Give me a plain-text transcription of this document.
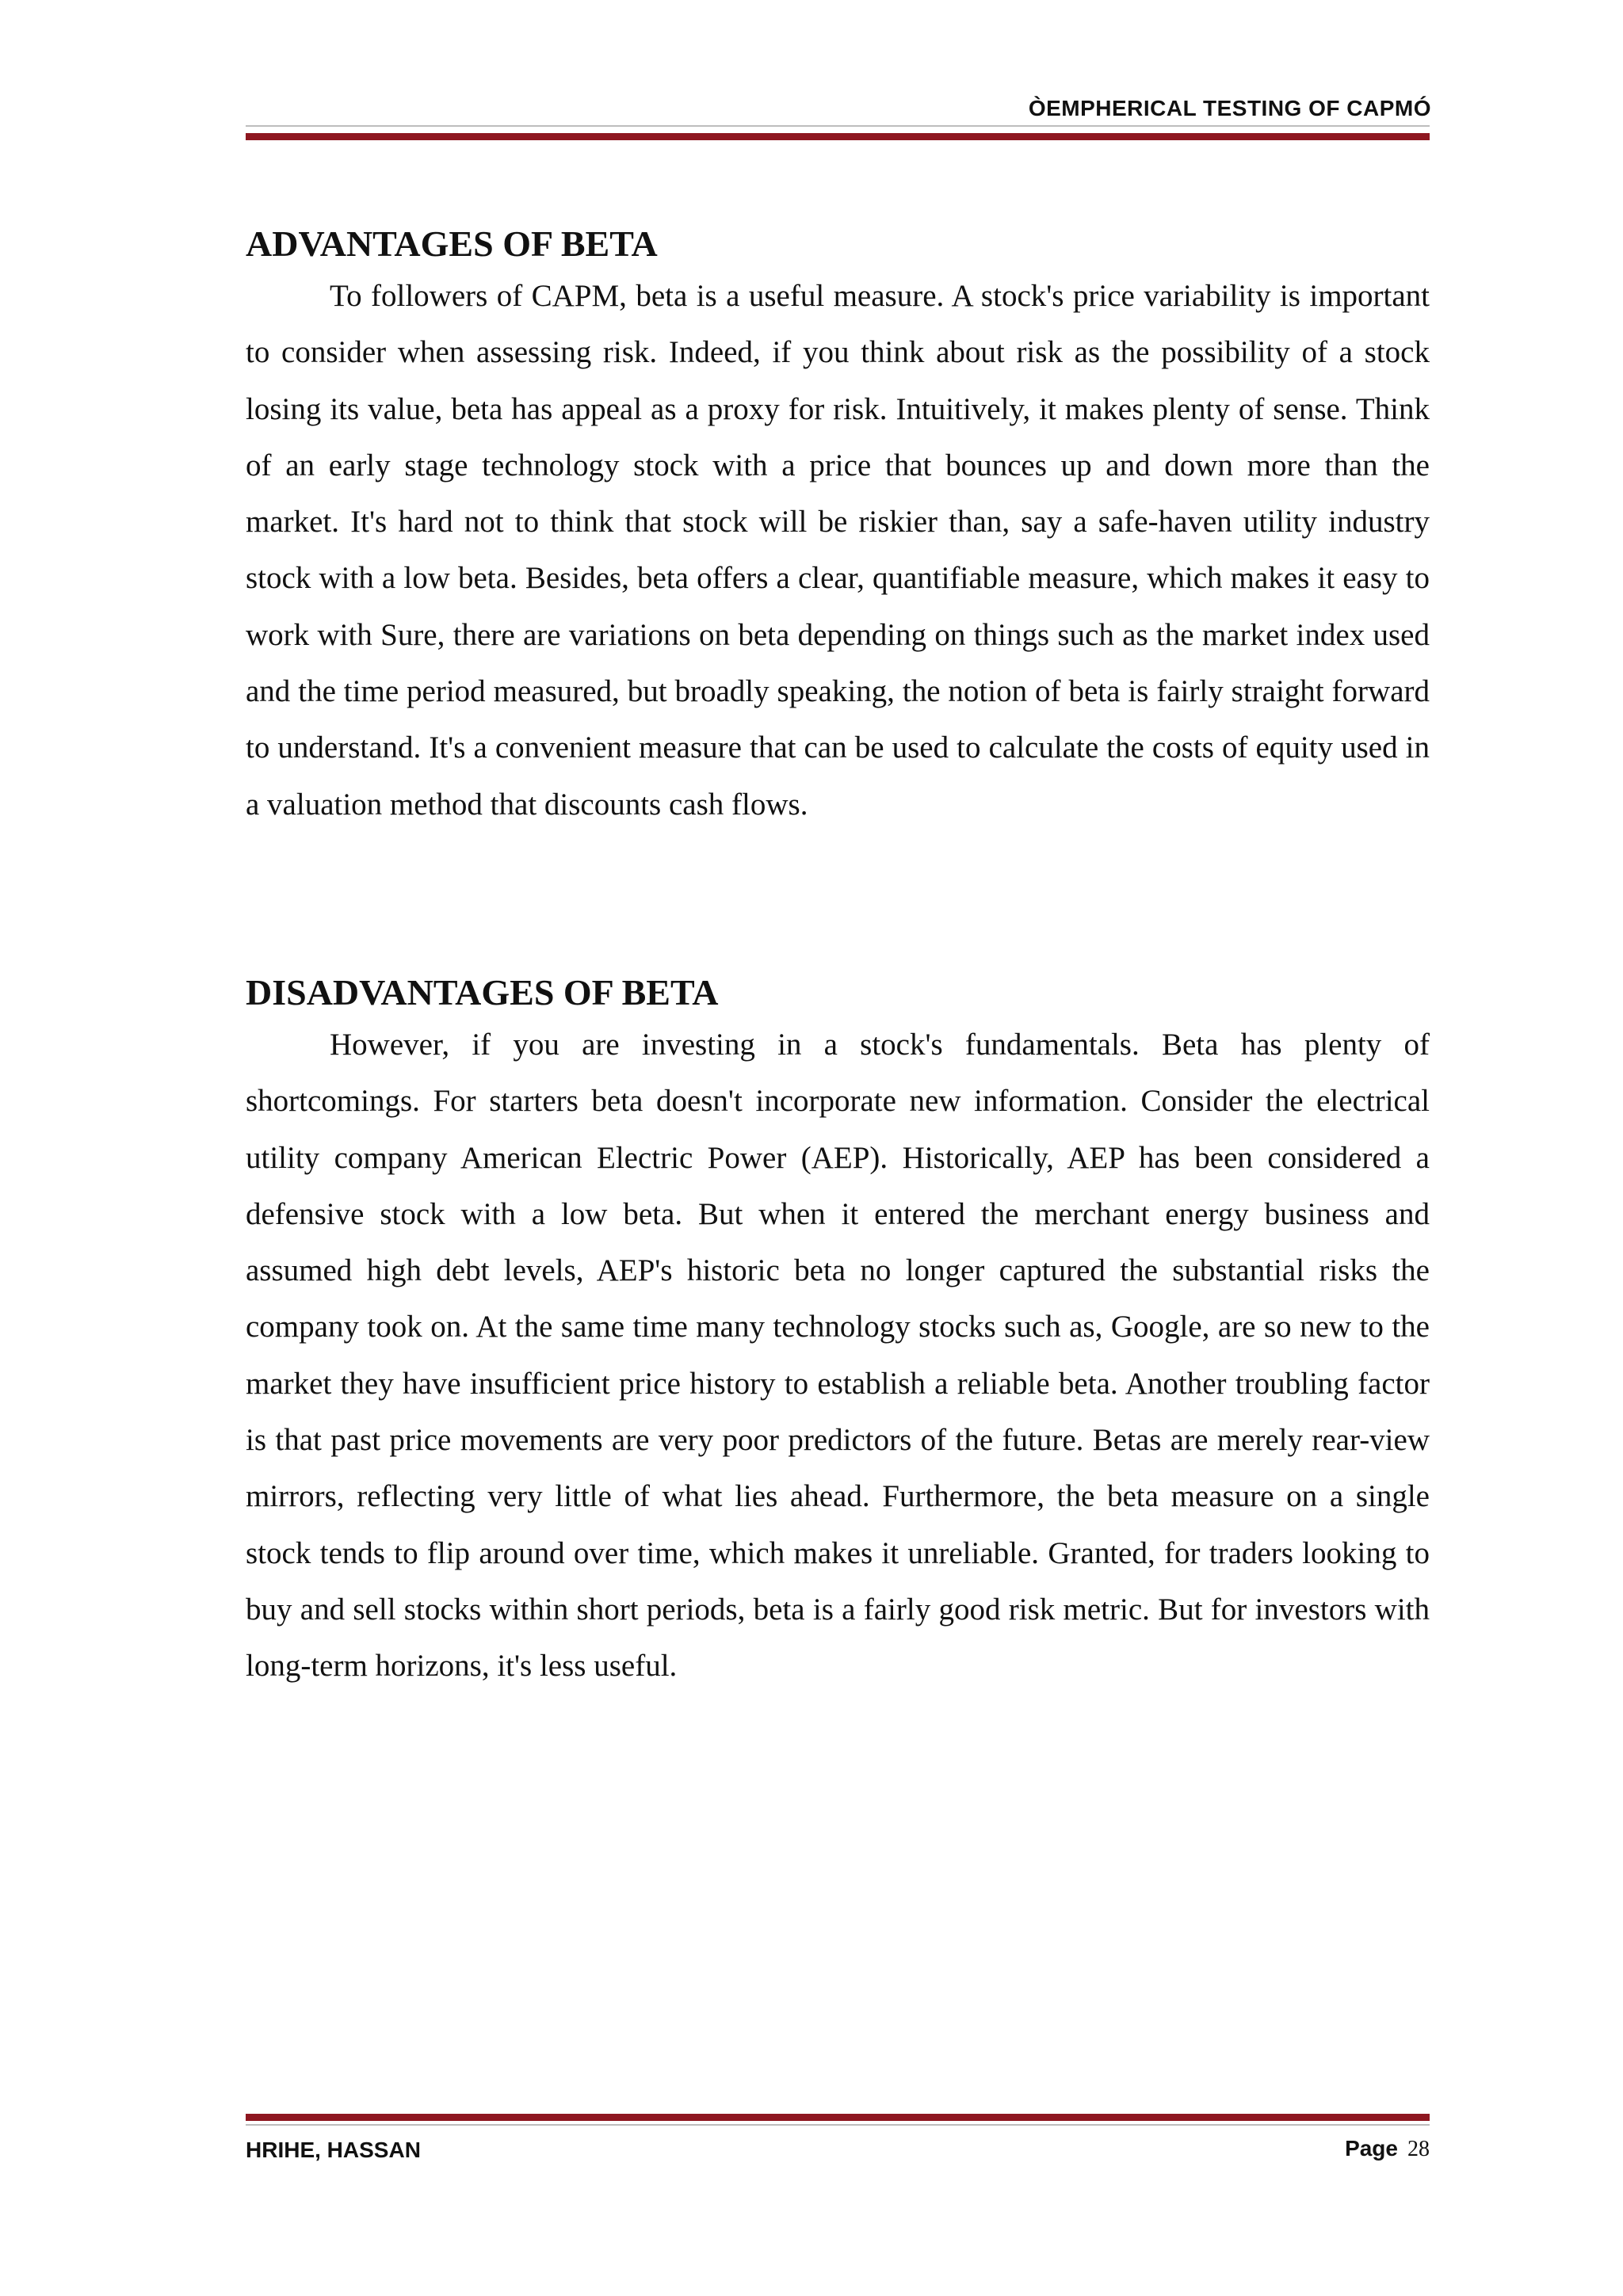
ÒEMPHERICAL TESTING OF CAPMÓ
ADVANTAGES OF BETA

To followers of CAPM, beta is a useful measure. A stock's price variability is important to consider when assessing risk. Indeed, if you think about risk as the possibility of a stock losing its value, beta has appeal as a proxy for risk. Intuitively, it makes plenty of sense. Think of an early stage technology stock with a price that bounces up and down more than the market. It's hard not to think that stock will be riskier than, say a safe-haven utility industry stock with a low beta. Besides, beta offers a clear, quantifiable measure, which makes it easy to work with Sure, there are variations on beta depending on things such as the market index used and the time period measured, but broadly speaking, the notion of beta is fairly straight forward to understand. It's a convenient measure that can be used to calculate the costs of equity used in a valuation method that discounts cash flows.

DISADVANTAGES OF BETA

However, if you are investing in a stock's fundamentals. Beta has plenty of shortcomings. For starters beta doesn't incorporate new information. Consider the electrical utility company American Electric Power (AEP). Historically, AEP has been considered a defensive stock with a low beta. But when it entered the merchant energy business and assumed high debt levels, AEP's historic beta no longer captured the substantial risks the company took on. At the same time many technology stocks such as, Google, are so new to the market they have insufficient price history to establish a reliable beta. Another troubling factor is that past price movements are very poor predictors of the future. Betas are merely rear-view mirrors, reflecting very little of what lies ahead. Furthermore, the beta measure on a single stock tends to flip around over time, which makes it unreliable. Granted, for traders looking to buy and sell stocks within short periods, beta is a fairly good risk metric. But for investors with long-term horizons, it's less useful.

HRIHE, HASSAN	Page 28
